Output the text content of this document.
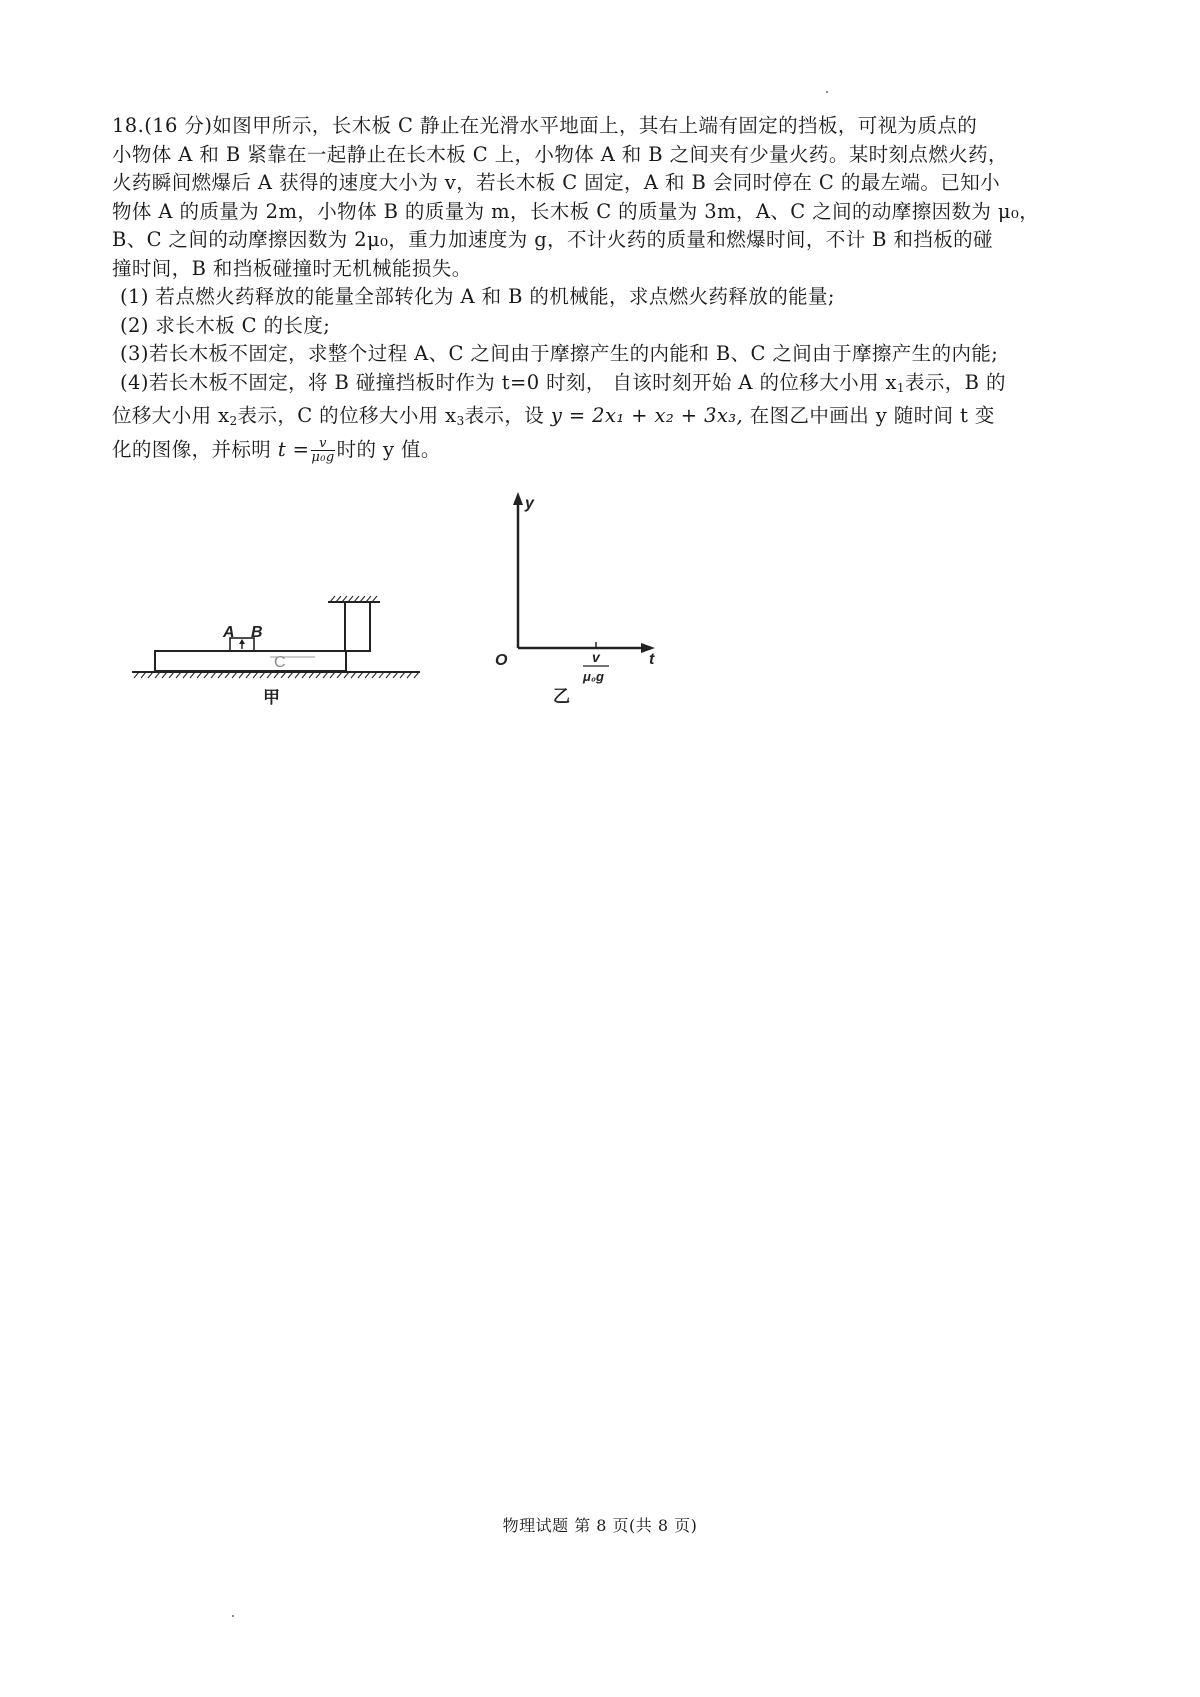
18.(16 分)如图甲所示，长木板 C 静止在光滑水平地面上，其右上端有固定的挡板，可视为质点的
小物体 A 和 B 紧靠在一起静止在长木板 C 上，小物体 A 和 B 之间夹有少量火药。某时刻点燃火药，
火药瞬间燃爆后 A 获得的速度大小为 v，若长木板 C 固定，A 和 B 会同时停在 C 的最左端。已知小
物体 A 的质量为 2m，小物体 B 的质量为 m，长木板 C 的质量为 3m，A、C 之间的动摩擦因数为 μ₀，
B、C 之间的动摩擦因数为 2μ₀，重力加速度为 g，不计火药的质量和燃爆时间，不计 B 和挡板的碰
撞时间，B 和挡板碰撞时无机械能损失。
(1) 若点燃火药释放的能量全部转化为 A 和 B 的机械能，求点燃火药释放的能量;
(2) 求长木板 C 的长度;
(3)若长木板不固定，求整个过程 A、C 之间由于摩擦产生的内能和 B、C 之间由于摩擦产生的内能;
(4)若长木板不固定，将 B 碰撞挡板时作为 t=0 时刻， 自该时刻开始 A 的位移大小用 $x_1$表示，B 的
位移大小用 $x_2$表示，C 的位移大小用 $x_3$表示，设 y = 2x₁ + x₂ + 3x₃, 在图乙中画出 y 随时间 t 变
化的图像，并标明 $t = \frac{v}{\text{μ₀g}}$ 时的 y 值。
A B
C
甲
y
t
O	v
μ₀g
乙
物理试题 第 8 页(共 8 页)
